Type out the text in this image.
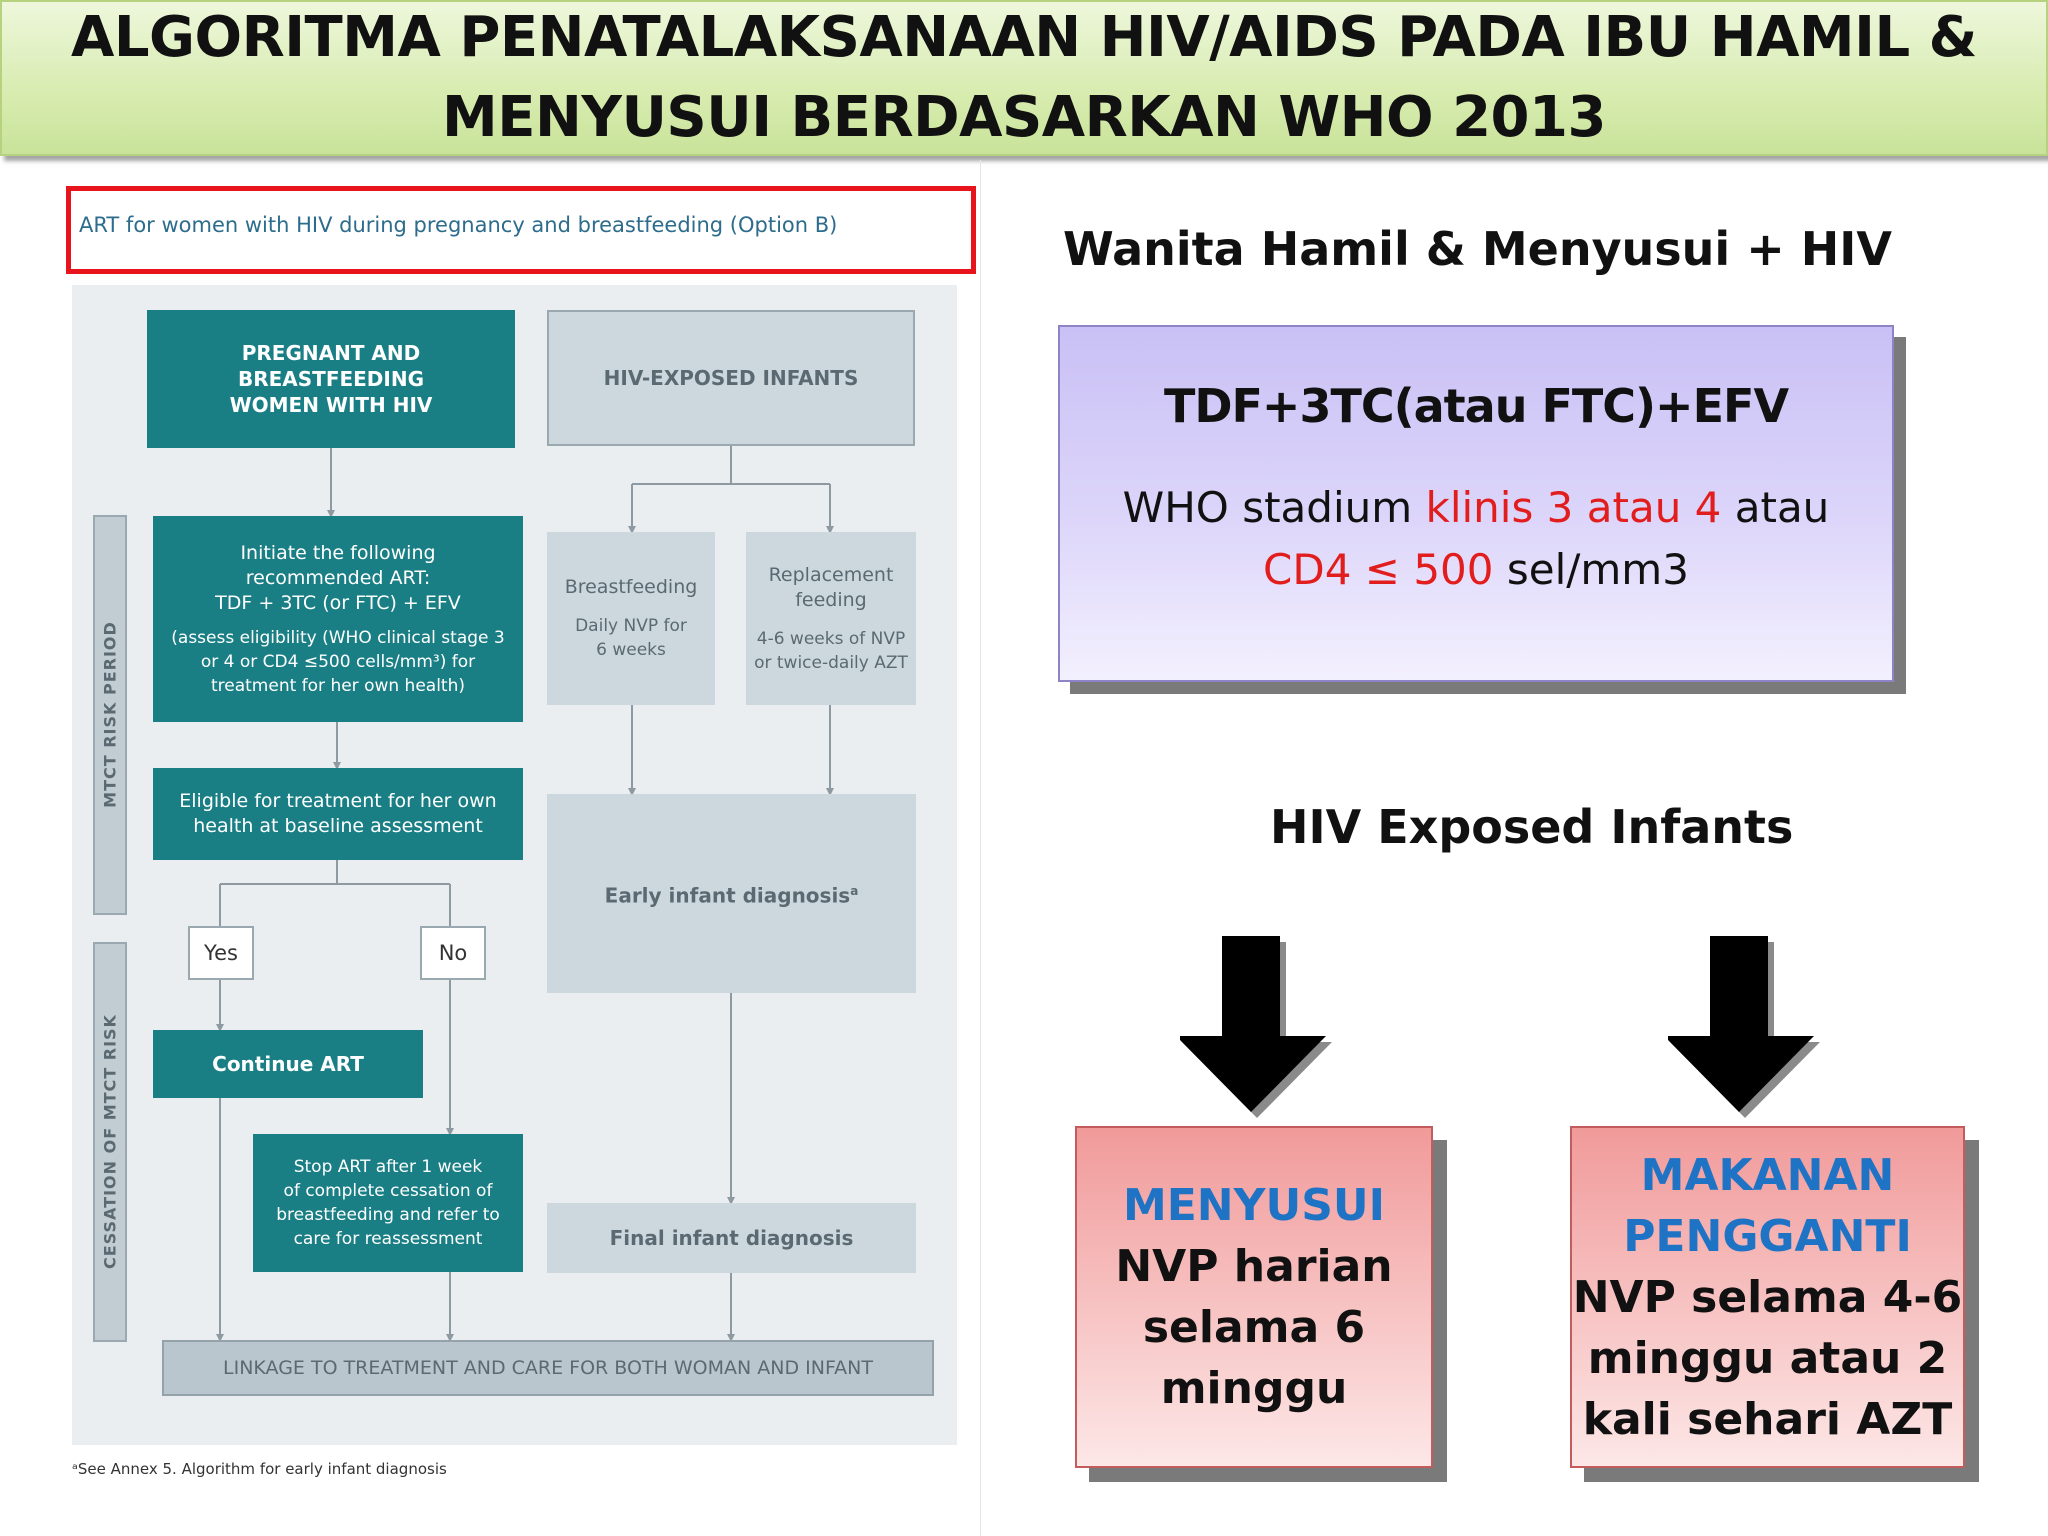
ALGORITMA PENATALAKSANAAN HIV/AIDS PADA IBU HAMIL &
MENYUSUI BERDASARKAN WHO 2013
ART for women with HIV during pregnancy and breastfeeding (Option B)
MTCT RISK PERIOD
CESSATION OF MTCT RISK
PREGNANT AND BREASTFEEDING
WOMEN WITH HIV
HIV-EXPOSED INFANTS
Initiate the following
recommended ART:
TDF + 3TC (or FTC) + EFV
(assess eligibility (WHO clinical stage 3
or 4 or CD4 ≤500 cells/mm³) for
treatment for her own health)
Breastfeeding
Daily NVP for
6 weeks
Replacement
feeding
4-6 weeks of NVP
or twice-daily AZT
Eligible for treatment for her own
health at baseline assessment
Early infant diagnosis$^a$
Yes	No
Continue ART
Stop ART after 1 week
of complete cessation of
breastfeeding and refer to
care for reassessment	Final infant diagnosis
LINKAGE TO TREATMENT AND CARE FOR BOTH WOMAN AND INFANT
ᵃSee Annex 5. Algorithm for early infant diagnosis
Wanita Hamil & Menyusui + HIV
TDF+3TC(atau FTC)+EFV
WHO stadium klinis 3 atau 4 atau
CD4 ≤ 500 sel/mm3
HIV Exposed Infants
MENYUSUI
NVP harian
selama 6
minggu
MAKANAN
PENGGANTI
NVP selama 4-6
minggu atau 2
kali sehari AZT
